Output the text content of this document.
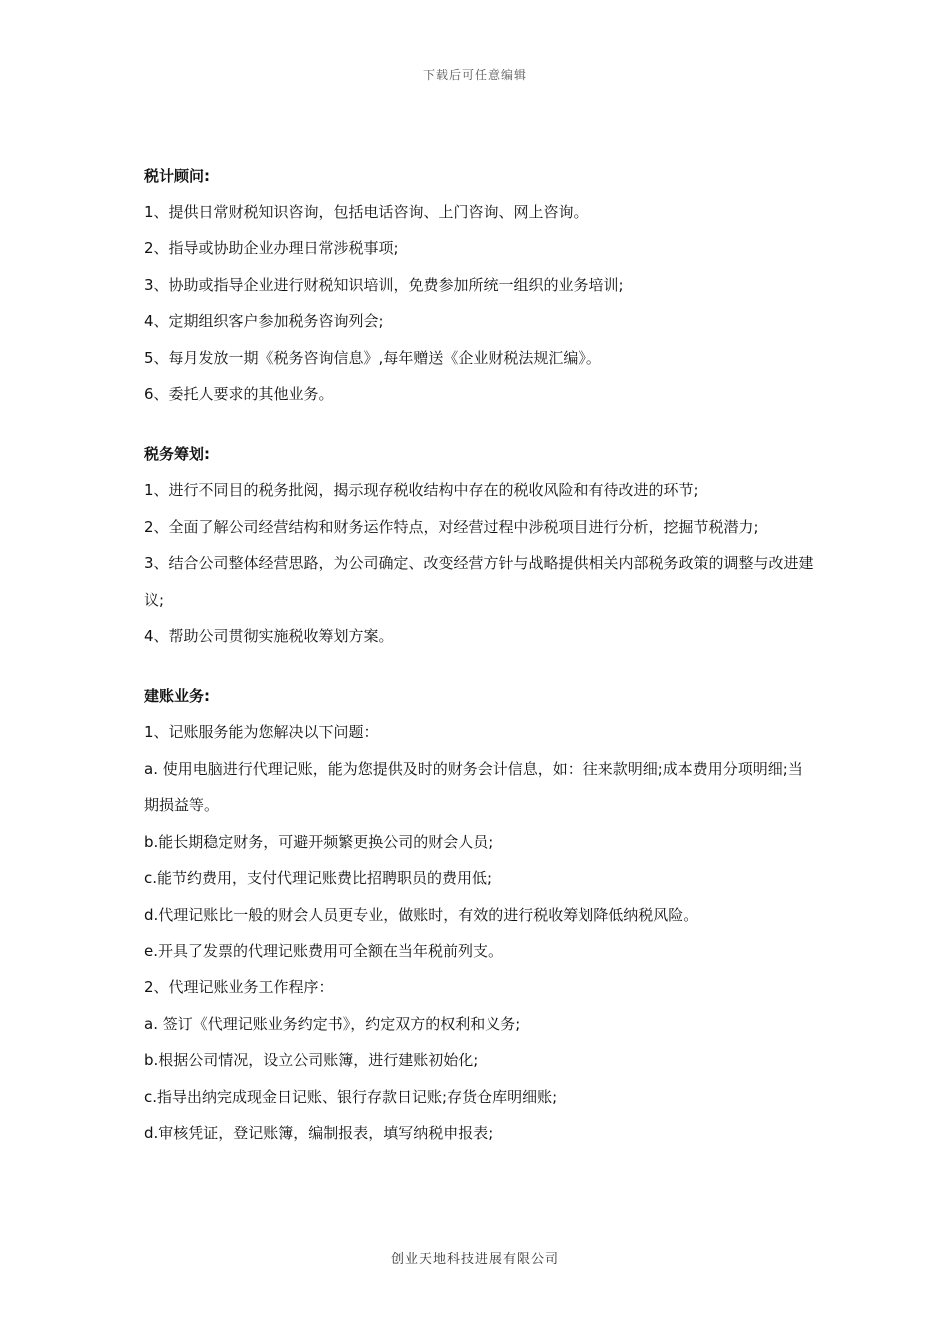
下载后可任意编辑

税计顾问:

1、提供日常财税知识咨询，包括电话咨询、上门咨询、网上咨询。

2、指导或协助企业办理日常涉税事项;

3、协助或指导企业进行财税知识培训，免费参加所统一组织的业务培训;

4、定期组织客户参加税务咨询列会;

5、每月发放一期《税务咨询信息》,每年赠送《企业财税法规汇编》。

6、委托人要求的其他业务。

税务筹划:

1、进行不同目的税务批阅，揭示现存税收结构中存在的税收风险和有待改进的环节;

2、全面了解公司经营结构和财务运作特点，对经营过程中涉税项目进行分析，挖掘节税潜力;

3、结合公司整体经营思路，为公司确定、改变经营方针与战略提供相关内部税务政策的调整与改进建议;

4、帮助公司贯彻实施税收筹划方案。

建账业务:

1、记账服务能为您解决以下问题：

a. 使用电脑进行代理记账，能为您提供及时的财务会计信息，如：往来款明细;成本费用分项明细;当期损益等。

b.能长期稳定财务，可避开频繁更换公司的财会人员;

c.能节约费用，支付代理记账费比招聘职员的费用低;

d.代理记账比一般的财会人员更专业，做账时，有效的进行税收筹划降低纳税风险。

e.开具了发票的代理记账费用可全额在当年税前列支。

2、代理记账业务工作程序：

a. 签订《代理记账业务约定书》，约定双方的权利和义务;

b.根据公司情况，设立公司账簿，进行建账初始化;

c.指导出纳完成现金日记账、银行存款日记账;存货仓库明细账;

d.审核凭证，登记账簿，编制报表，填写纳税申报表;

创业天地科技进展有限公司
